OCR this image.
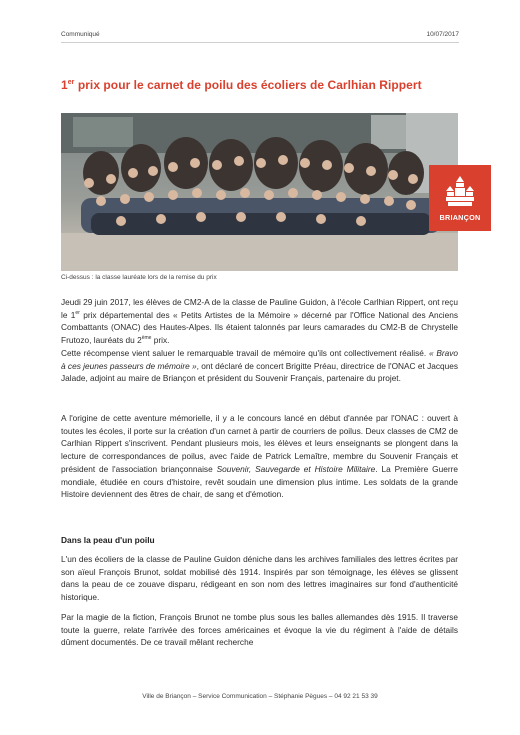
Communiqué	10/07/2017
1er prix pour le carnet de poilu des écoliers de Carlhian Rippert
BRIANÇON
Ci-dessus : la classe lauréate lors de la remise du prix

Jeudi 29 juin 2017, les élèves de CM2-A de la classe de Pauline Guidon, à l'école Carlhian Rippert, ont reçu le 1er prix départemental des « Petits Artistes de la Mémoire » décerné par l'Office National des Anciens Combattants (ONAC) des Hautes-Alpes. Ils étaient talonnés par leurs camarades du CM2-B de Chrystelle Frutozo, lauréats du 2ème prix.

Cette récompense vient saluer le remarquable travail de mémoire qu'ils ont collectivement réalisé. « Bravo à ces jeunes passeurs de mémoire », ont déclaré de concert Brigitte Préau, directrice de l'ONAC et Jacques Jalade, adjoint au maire de Briançon et président du Souvenir Français, partenaire du projet.

A l'origine de cette aventure mémorielle, il y a le concours lancé en début d'année par l'ONAC : ouvert à toutes les écoles, il porte sur la création d'un carnet à partir de courriers de poilus. Deux classes de CM2 de Carlhian Rippert s'inscrivent. Pendant plusieurs mois, les élèves et leurs enseignants se plongent dans la lecture de correspondances de poilus, avec l'aide de Patrick Lemaître, membre du Souvenir Français et président de l'association briançonnaise Souvenir, Sauvegarde et Histoire Militaire. La Première Guerre mondiale, étudiée en cours d'histoire, revêt soudain une dimension plus intime. Les soldats de la grande Histoire deviennent des êtres de chair, de sang et d'émotion.

Dans la peau d'un poilu

L'un des écoliers de la classe de Pauline Guidon déniche dans les archives familiales des lettres écrites par son aïeul François Brunot, soldat mobilisé dès 1914. Inspirés par son témoignage, les élèves se glissent dans la peau de ce zouave disparu, rédigeant en son nom des lettres imaginaires sur fond d'authenticité historique.

Par la magie de la fiction, François Brunot ne tombe plus sous les balles allemandes dès 1915. Il traverse toute la guerre, relate l'arrivée des forces américaines et évoque la vie du régiment à l'aide de détails dûment documentés. De ce travail mêlant recherche

Ville de Briançon – Service Communication – Stéphanie Pègues – 04 92 21 53 39
